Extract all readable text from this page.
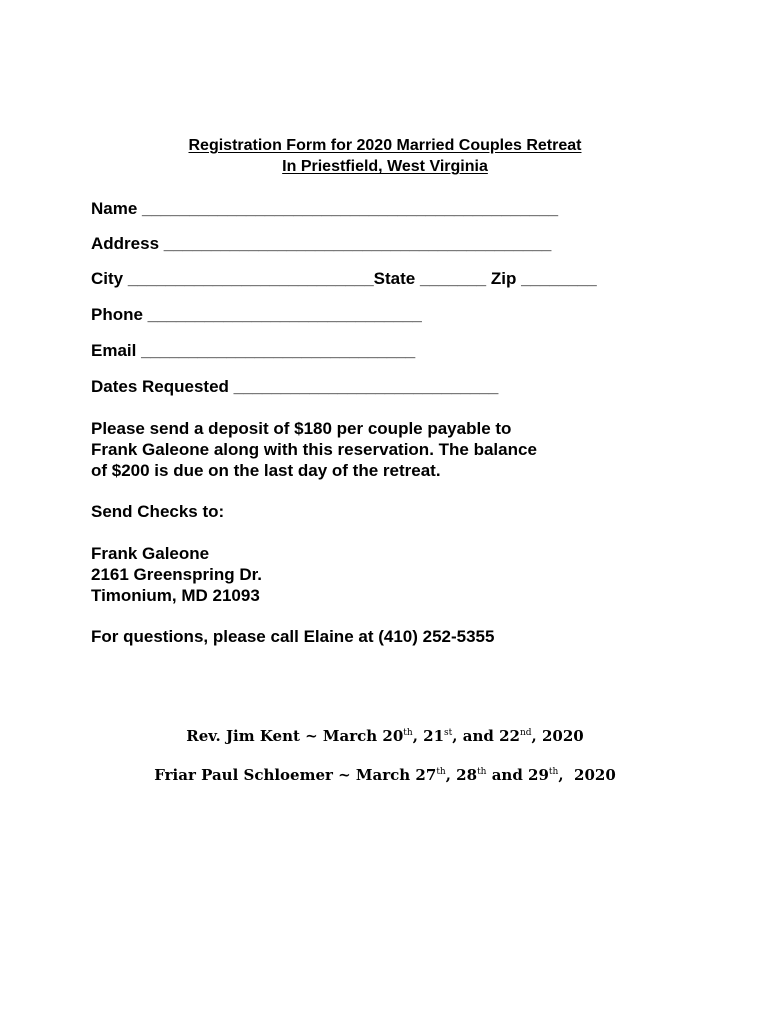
Registration Form for 2020 Married Couples Retreat
In Priestfield, West Virginia
Name ____________________________________________
Address _________________________________________
City __________________________State _______ Zip ________
Phone _____________________________
Email _____________________________
Dates Requested ____________________________
Please send a deposit of $180 per couple payable to
Frank Galeone along with this reservation. The balance
of $200 is due on the last day of the retreat.
Send Checks to:
Frank Galeone
2161 Greenspring Dr.
Timonium, MD 21093
For questions, please call Elaine at (410) 252-5355
Rev. Jim Kent ~ March 20th, 21st, and 22nd, 2020
Friar Paul Schloemer ~ March 27th, 28th and 29th,  2020
